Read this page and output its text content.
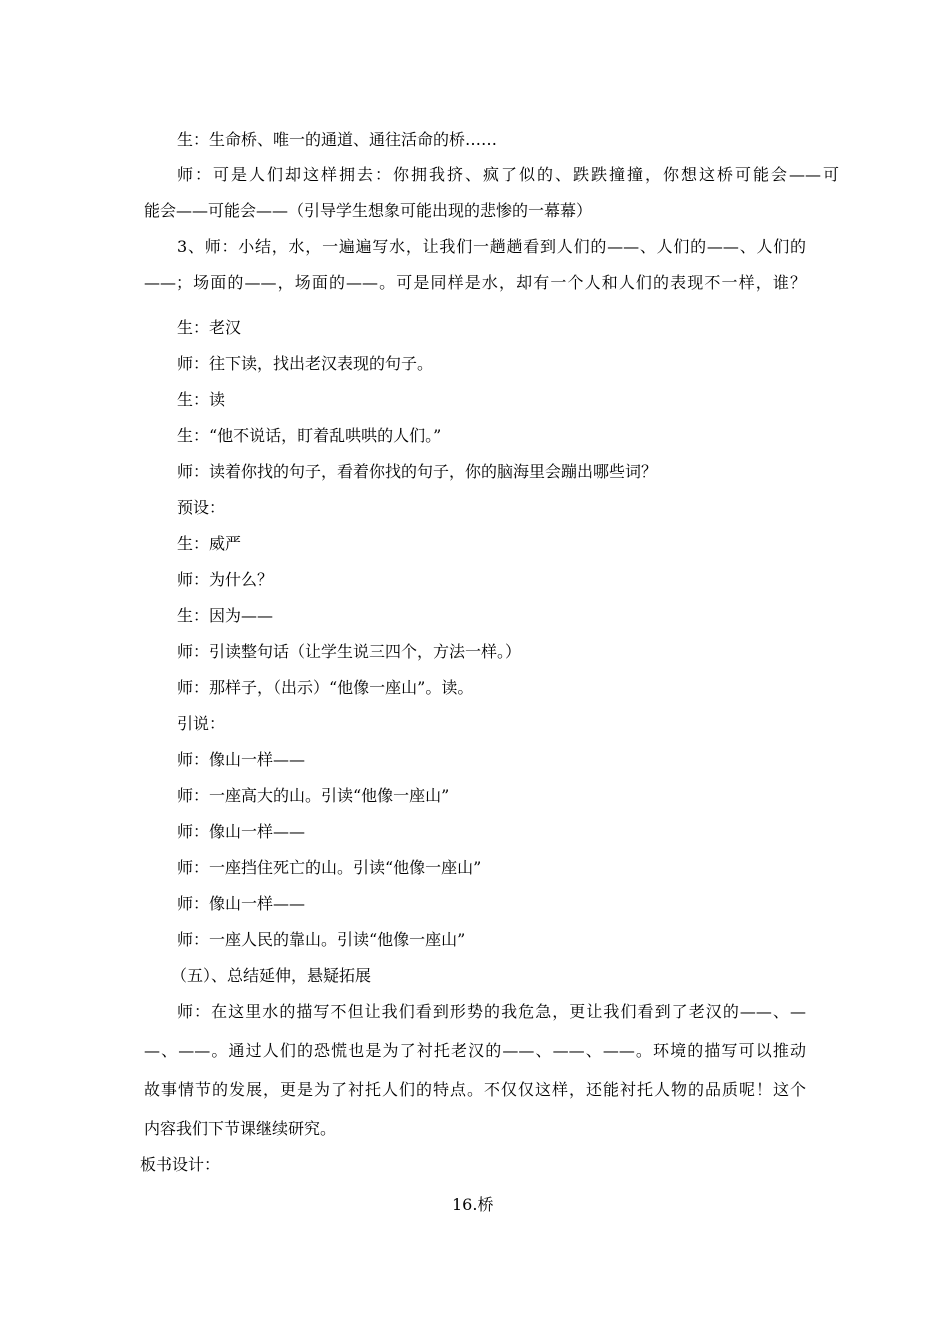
生：生命桥、唯一的通道、通往活命的桥……
师：可是人们却这样拥去：你拥我挤、疯了似的、跌跌撞撞，你想这桥可能会——可
能会——可能会——（引导学生想象可能出现的悲惨的一幕幕）
3、师：小结，水，一遍遍写水，让我们一趟趟看到人们的——、人们的——、人们的
——；场面的——，场面的——。可是同样是水，却有一个人和人们的表现不一样，谁？
生：老汉
师：往下读，找出老汉表现的句子。
生：读
生：“他不说话，盯着乱哄哄的人们。”
师：读着你找的句子，看着你找的句子，你的脑海里会蹦出哪些词？
预设：
生：威严
师：为什么？
生：因为——
师：引读整句话（让学生说三四个，方法一样。）
师：那样子，（出示）“他像一座山”。读。
引说：
师：像山一样——
师：一座高大的山。引读“他像一座山”
师：像山一样——
师：一座挡住死亡的山。引读“他像一座山”
师：像山一样——
师：一座人民的靠山。引读“他像一座山”
（五）、总结延伸，悬疑拓展
师：在这里水的描写不但让我们看到形势的我危急，更让我们看到了老汉的——、—
—、——。通过人们的恐慌也是为了衬托老汉的——、——、——。环境的描写可以推动
故事情节的发展，更是为了衬托人们的特点。不仅仅这样，还能衬托人物的品质呢！这个
内容我们下节课继续研究。
板书设计：
16.桥
